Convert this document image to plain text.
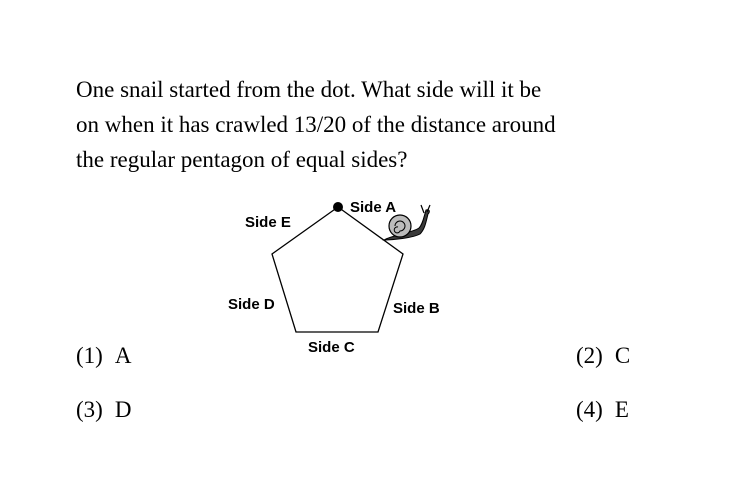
One snail started from the dot. What side will it be
on when it has crawled 13/20 of the distance around
the regular pentagon of equal sides?
Side A
Side B
Side C
Side D
Side E
(1) A	(2) C
(3) D	(4) E
